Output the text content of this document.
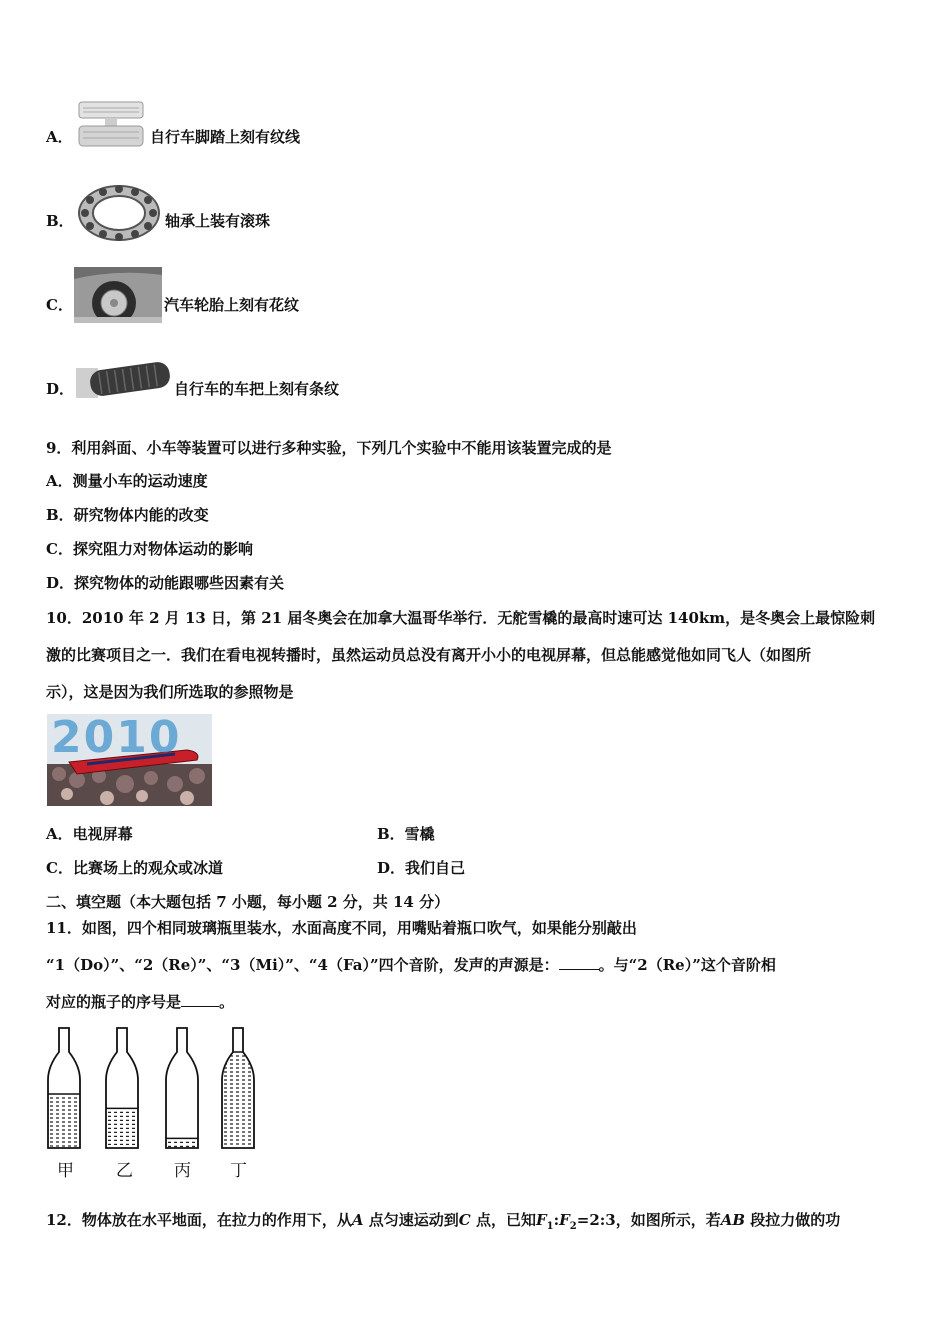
A．	自行车脚踏上刻有纹线
B．	轴承上装有滚珠
C．	汽车轮胎上刻有花纹
D．	自行车的车把上刻有条纹
9．利用斜面、小车等装置可以进行多种实验，下列几个实验中不能用该装置完成的是
A．测量小车的运动速度
B．研究物体内能的改变
C．探究阻力对物体运动的影响
D．探究物体的动能跟哪些因素有关
10．2010 年 2 月 13 日，第 21 届冬奥会在加拿大温哥华举行．无舵雪橇的最高时速可达 140km，是冬奥会上最惊险刺
激的比赛项目之一．我们在看电视转播时，虽然运动员总没有离开小小的电视屏幕，但总能感觉他如同飞人（如图所
示），这是因为我们所选取的参照物是
2010
A．电视屏幕	B．雪橇
C．比赛场上的观众或冰道	D．我们自己
二、填空题（本大题包括 7 小题，每小题 2 分，共 14 分）
11．如图，四个相同玻璃瓶里装水，水面高度不同，用嘴贴着瓶口吹气，如果能分别敲出
“1（Do）”、“2（Re）”、“3（Mi）”、“4（Fa）”四个音阶，发声的声源是：	。与“2（Re）”这个音阶相
对应的瓶子的序号是	。
甲 乙 丙 丁
12．物体放在水平地面，在拉力的作用下，从A 点匀速运动到C 点，已知$F_1:F_2=2:3$，如图所示，若AB 段拉力做的功
